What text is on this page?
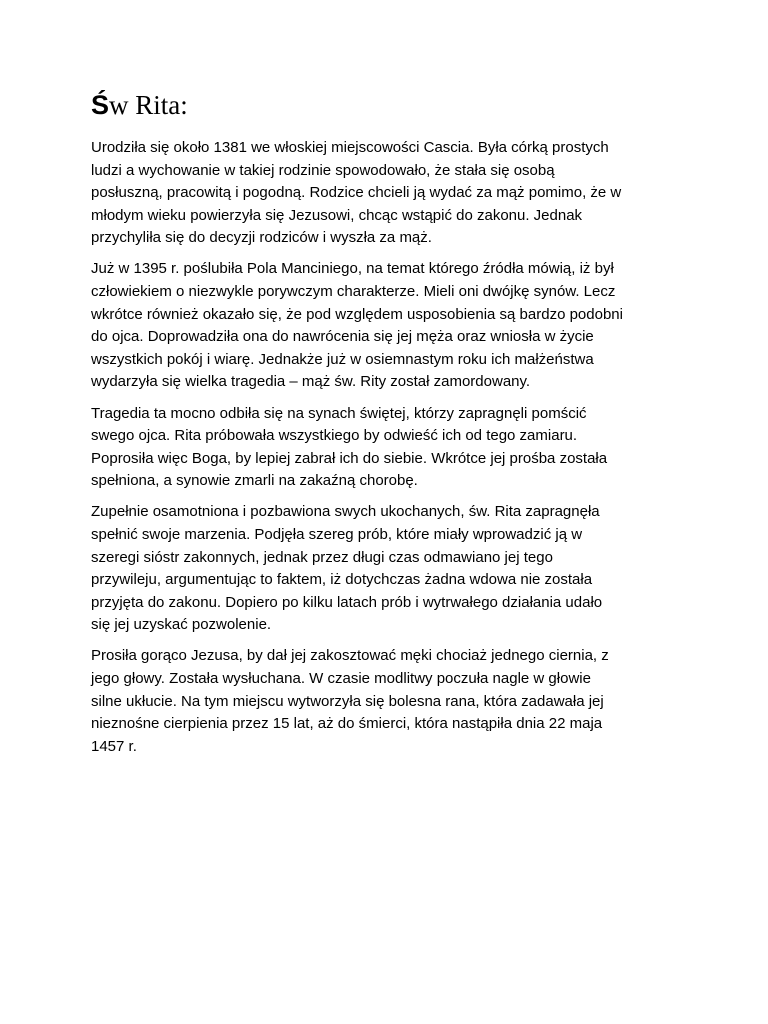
Św Rita:

Urodziła się około 1381 we włoskiej miejscowości Cascia. Była córką prostych
ludzi a wychowanie w takiej rodzinie spowodowało, że stała się osobą
posłuszną, pracowitą i pogodną. Rodzice chcieli ją wydać za mąż pomimo, że w
młodym wieku powierzyła się Jezusowi, chcąc wstąpić do zakonu. Jednak
przychyliła się do decyzji rodziców i wyszła za mąż.

Już w 1395 r. poślubiła Pola Manciniego, na temat którego źródła mówią, iż był
człowiekiem o niezwykle porywczym charakterze. Mieli oni dwójkę synów. Lecz
wkrótce również okazało się, że pod względem usposobienia są bardzo podobni
do ojca. Doprowadziła ona do nawrócenia się jej męża oraz wniosła w życie
wszystkich pokój i wiarę. Jednakże już w osiemnastym roku ich małżeństwa
wydarzyła się wielka tragedia – mąż św. Rity został zamordowany.

Tragedia ta mocno odbiła się na synach świętej, którzy zapragnęli pomścić
swego ojca. Rita próbowała wszystkiego by odwieść ich od tego zamiaru.
Poprosiła więc Boga, by lepiej zabrał ich do siebie. Wkrótce jej prośba została
spełniona, a synowie zmarli na zakaźną chorobę.

Zupełnie osamotniona i pozbawiona swych ukochanych, św. Rita zapragnęła
spełnić swoje marzenia. Podjęła szereg prób, które miały wprowadzić ją w
szeregi sióstr zakonnych, jednak przez długi czas odmawiano jej tego
przywileju, argumentując to faktem, iż dotychczas żadna wdowa nie została
przyjęta do zakonu. Dopiero po kilku latach prób i wytrwałego działania udało
się jej uzyskać pozwolenie.

Prosiła gorąco Jezusa, by dał jej zakosztować męki chociaż jednego ciernia, z
jego głowy. Została wysłuchana. W czasie modlitwy poczuła nagle w głowie
silne ukłucie. Na tym miejscu wytworzyła się bolesna rana, która zadawała jej
nieznośne cierpienia przez 15 lat, aż do śmierci, która nastąpiła dnia 22 maja
1457 r.
